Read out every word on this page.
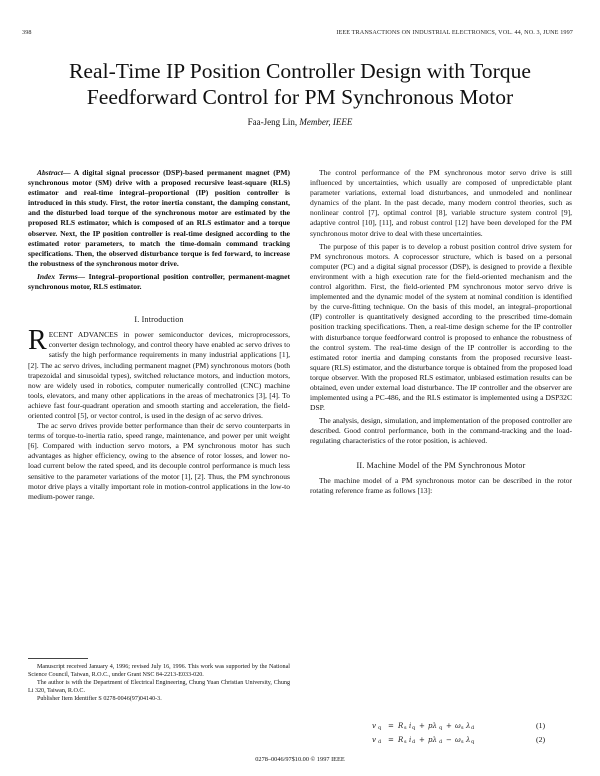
398	IEEE TRANSACTIONS ON INDUSTRIAL ELECTRONICS, VOL. 44, NO. 3, JUNE 1997
Real-Time IP Position Controller Design with Torque
Feedforward Control for PM Synchronous Motor
Faa-Jeng Lin, Member, IEEE

Abstract— A digital signal processor (DSP)-based permanent magnet (PM) synchronous motor (SM) drive with a proposed recursive least-square (RLS) estimator and real-time integral–proportional (IP) position controller is introduced in this study. First, the rotor inertia constant, the damping constant, and the disturbed load torque of the synchronous motor are estimated by the proposed RLS estimator, which is composed of an RLS estimator and a torque observer. Next, the IP position controller is real-time designed according to the estimated rotor parameters, to match the time-domain command tracking specifications. Then, the observed disturbance torque is fed forward, to increase the robustness of the synchronous motor drive.

Index Terms— Integral–proportional position controller, permanent-magnet synchronous motor, RLS estimator.

I. Introduction

RECENT ADVANCES in power semiconductor devices, microprocessors, converter design technology, and control theory have enabled ac servo drives to satisfy the high performance requirements in many industrial applications [1], [2]. The ac servo drives, including permanent magnet (PM) synchronous motors (both trapezoidal and sinusoidal types), switched reluctance motors, and induction motors, now are widely used in robotics, computer numerically controlled (CNC) machine tools, elevators, and many other applications in the areas of mechatronics [3], [4]. To achieve fast four-quadrant operation and smooth starting and acceleration, the field-oriented control [5], or vector control, is used in the design of ac servo drives.

The ac servo drives provide better performance than their dc servo counterparts in terms of torque-to-inertia ratio, speed range, maintenance, and power per unit weight [6]. Compared with induction servo motors, a PM synchronous motor has such advantages as higher efficiency, owing to the absence of rotor losses, and lower no-load current below the rated speed, and its decouple control performance is much less sensitive to the parameter variations of the motor [1], [2]. Thus, the PM synchronous motor drive plays a vitally important role in motion-control applications in the low-to medium-power range.

Manuscript received January 4, 1996; revised July 16, 1996. This work was supported by the National Science Council, Taiwan, R.O.C., under Grant NSC 84-2213-E033-020.

The author is with the Department of Electrical Engineering, Chung Yuan Christian University, Chung Li 320, Taiwan, R.O.C.

Publisher Item Identifier S 0278-0046(97)04140-3.

The control performance of the PM synchronous motor servo drive is still influenced by uncertainties, which usually are composed of unpredictable plant parameter variations, external load disturbances, and unmodeled and nonlinear dynamics of the plant. In the past decade, many modern control theories, such as nonlinear control [7], optimal control [8], variable structure system control [9], adaptive control [10], [11], and robust control [12] have been developed for the PM synchronous motor drive to deal with these uncertainties.

The purpose of this paper is to develop a robust position control drive system for PM synchronous motors. A coprocessor structure, which is based on a personal computer (PC) and a digital signal processor (DSP), is designed to provide a flexible environment with a high execution rate for the field-oriented mechanism and the control algorithm. First, the field-oriented PM synchronous motor servo drive is implemented and the dynamic model of the system at nominal condition is identified by the curve-fitting technique. On the basis of this model, an integral–proportional (IP) controller is quantitatively designed according to the prescribed time-domain position tracking specifications. Then, a real-time design scheme for the IP controller with disturbance torque feedforward control is proposed to enhance the robustness of the control system. The real-time design of the IP controller is according to the estimated rotor inertia and damping constants from the proposed recursive least-square (RLS) estimator, and the disturbance torque is obtained from the proposed load torque observer. With the proposed RLS estimator, unbiased estimation results can be obtained, even under external load disturbance. The IP controller and the observer are implemented using a PC-486, and the RLS estimator is implemented using a DSP32C DSP.

The analysis, design, simulation, and implementation of the proposed controller are described. Good control performance, both in the command-tracking and the load-regulating characteristics of the rotor position, is achieved.

II. Machine Model of the PM Synchronous Motor

The machine model of a PM synchronous motor can be described in the rotor rotating reference frame as follows [13]:

v q = R s i q + pλ q + ω s λ d	(1)
v d = R s i d + pλ d − ω s λ q	(2)
0278–0046/97$10.00 © 1997 IEEE
